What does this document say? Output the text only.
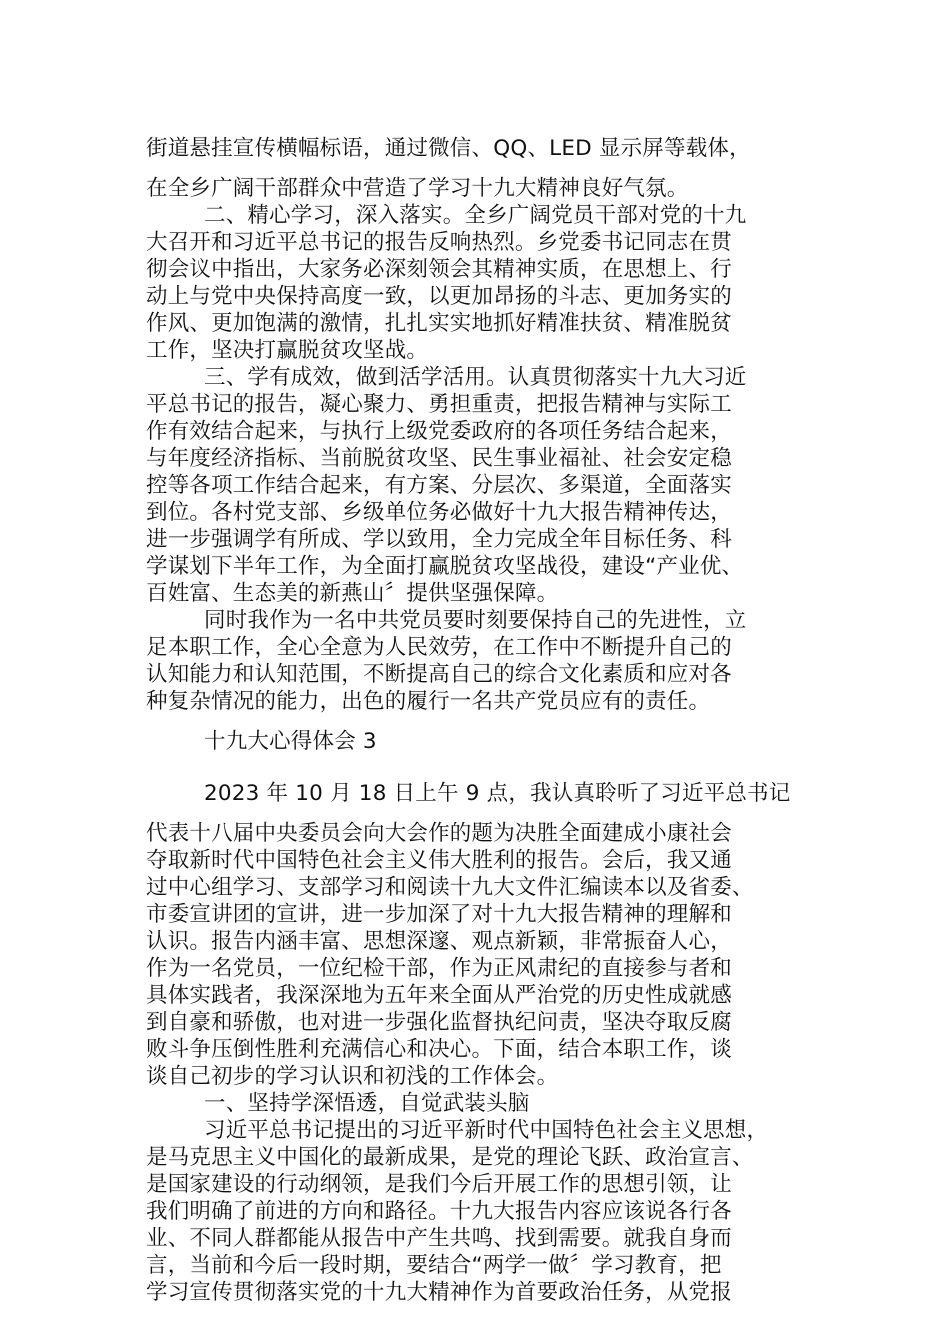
街道悬挂宣传横幅标语，通过微信、QQ、LED 显示屏等载体，

在全乡广阔干部群众中营造了学习十九大精神良好气氛。

二、精心学习，深入落实。全乡广阔党员干部对党的十九

大召开和习近平总书记的报告反响热烈。乡党委书记同志在贯

彻会议中指出，大家务必深刻领会其精神实质，在思想上、行

动上与党中央保持高度一致，以更加昂扬的斗志、更加务实的

作风、更加饱满的激情，扎扎实实地抓好精准扶贫、精准脱贫

工作，坚决打赢脱贫攻坚战。

三、学有成效，做到活学活用。认真贯彻落实十九大习近

平总书记的报告，凝心聚力、勇担重责，把报告精神与实际工

作有效结合起来，与执行上级党委政府的各项任务结合起来，

与年度经济指标、当前脱贫攻坚、民生事业福祉、社会安定稳

控等各项工作结合起来，有方案、分层次、多渠道，全面落实

到位。各村党支部、乡级单位务必做好十九大报告精神传达，

进一步强调学有所成、学以致用，全力完成全年目标任务、科

学谋划下半年工作，为全面打赢脱贫攻坚战役，建设“产业优、

百姓富、生态美的新燕山〞提供坚强保障。

同时我作为一名中共党员要时刻要保持自己的先进性，立

足本职工作，全心全意为人民效劳，在工作中不断提升自己的

认知能力和认知范围，不断提高自己的综合文化素质和应对各

种复杂情况的能力，出色的履行一名共产党员应有的责任。

十九大心得体会 3

2023 年 10 月 18 日上午 9 点，我认真聆听了习近平总书记

代表十八届中央委员会向大会作的题为决胜全面建成小康社会

夺取新时代中国特色社会主义伟大胜利的报告。会后，我又通

过中心组学习、支部学习和阅读十九大文件汇编读本以及省委、

市委宣讲团的宣讲，进一步加深了对十九大报告精神的理解和

认识。报告内涵丰富、思想深邃、观点新颖，非常振奋人心，

作为一名党员，一位纪检干部，作为正风肃纪的直接参与者和

具体实践者，我深深地为五年来全面从严治党的历史性成就感

到自豪和骄傲，也对进一步强化监督执纪问责，坚决夺取反腐

败斗争压倒性胜利充满信心和决心。下面，结合本职工作，谈

谈自己初步的学习认识和初浅的工作体会。

一、坚持学深悟透，自觉武装头脑

习近平总书记提出的习近平新时代中国特色社会主义思想，

是马克思主义中国化的最新成果，是党的理论飞跃、政治宣言、

是国家建设的行动纲领，是我们今后开展工作的思想引领，让

我们明确了前进的方向和路径。十九大报告内容应该说各行各

业、不同人群都能从报告中产生共鸣、找到需要。就我自身而

言，当前和今后一段时期，要结合“两学一做〞学习教育，把

学习宣传贯彻落实党的十九大精神作为首要政治任务，从党报
